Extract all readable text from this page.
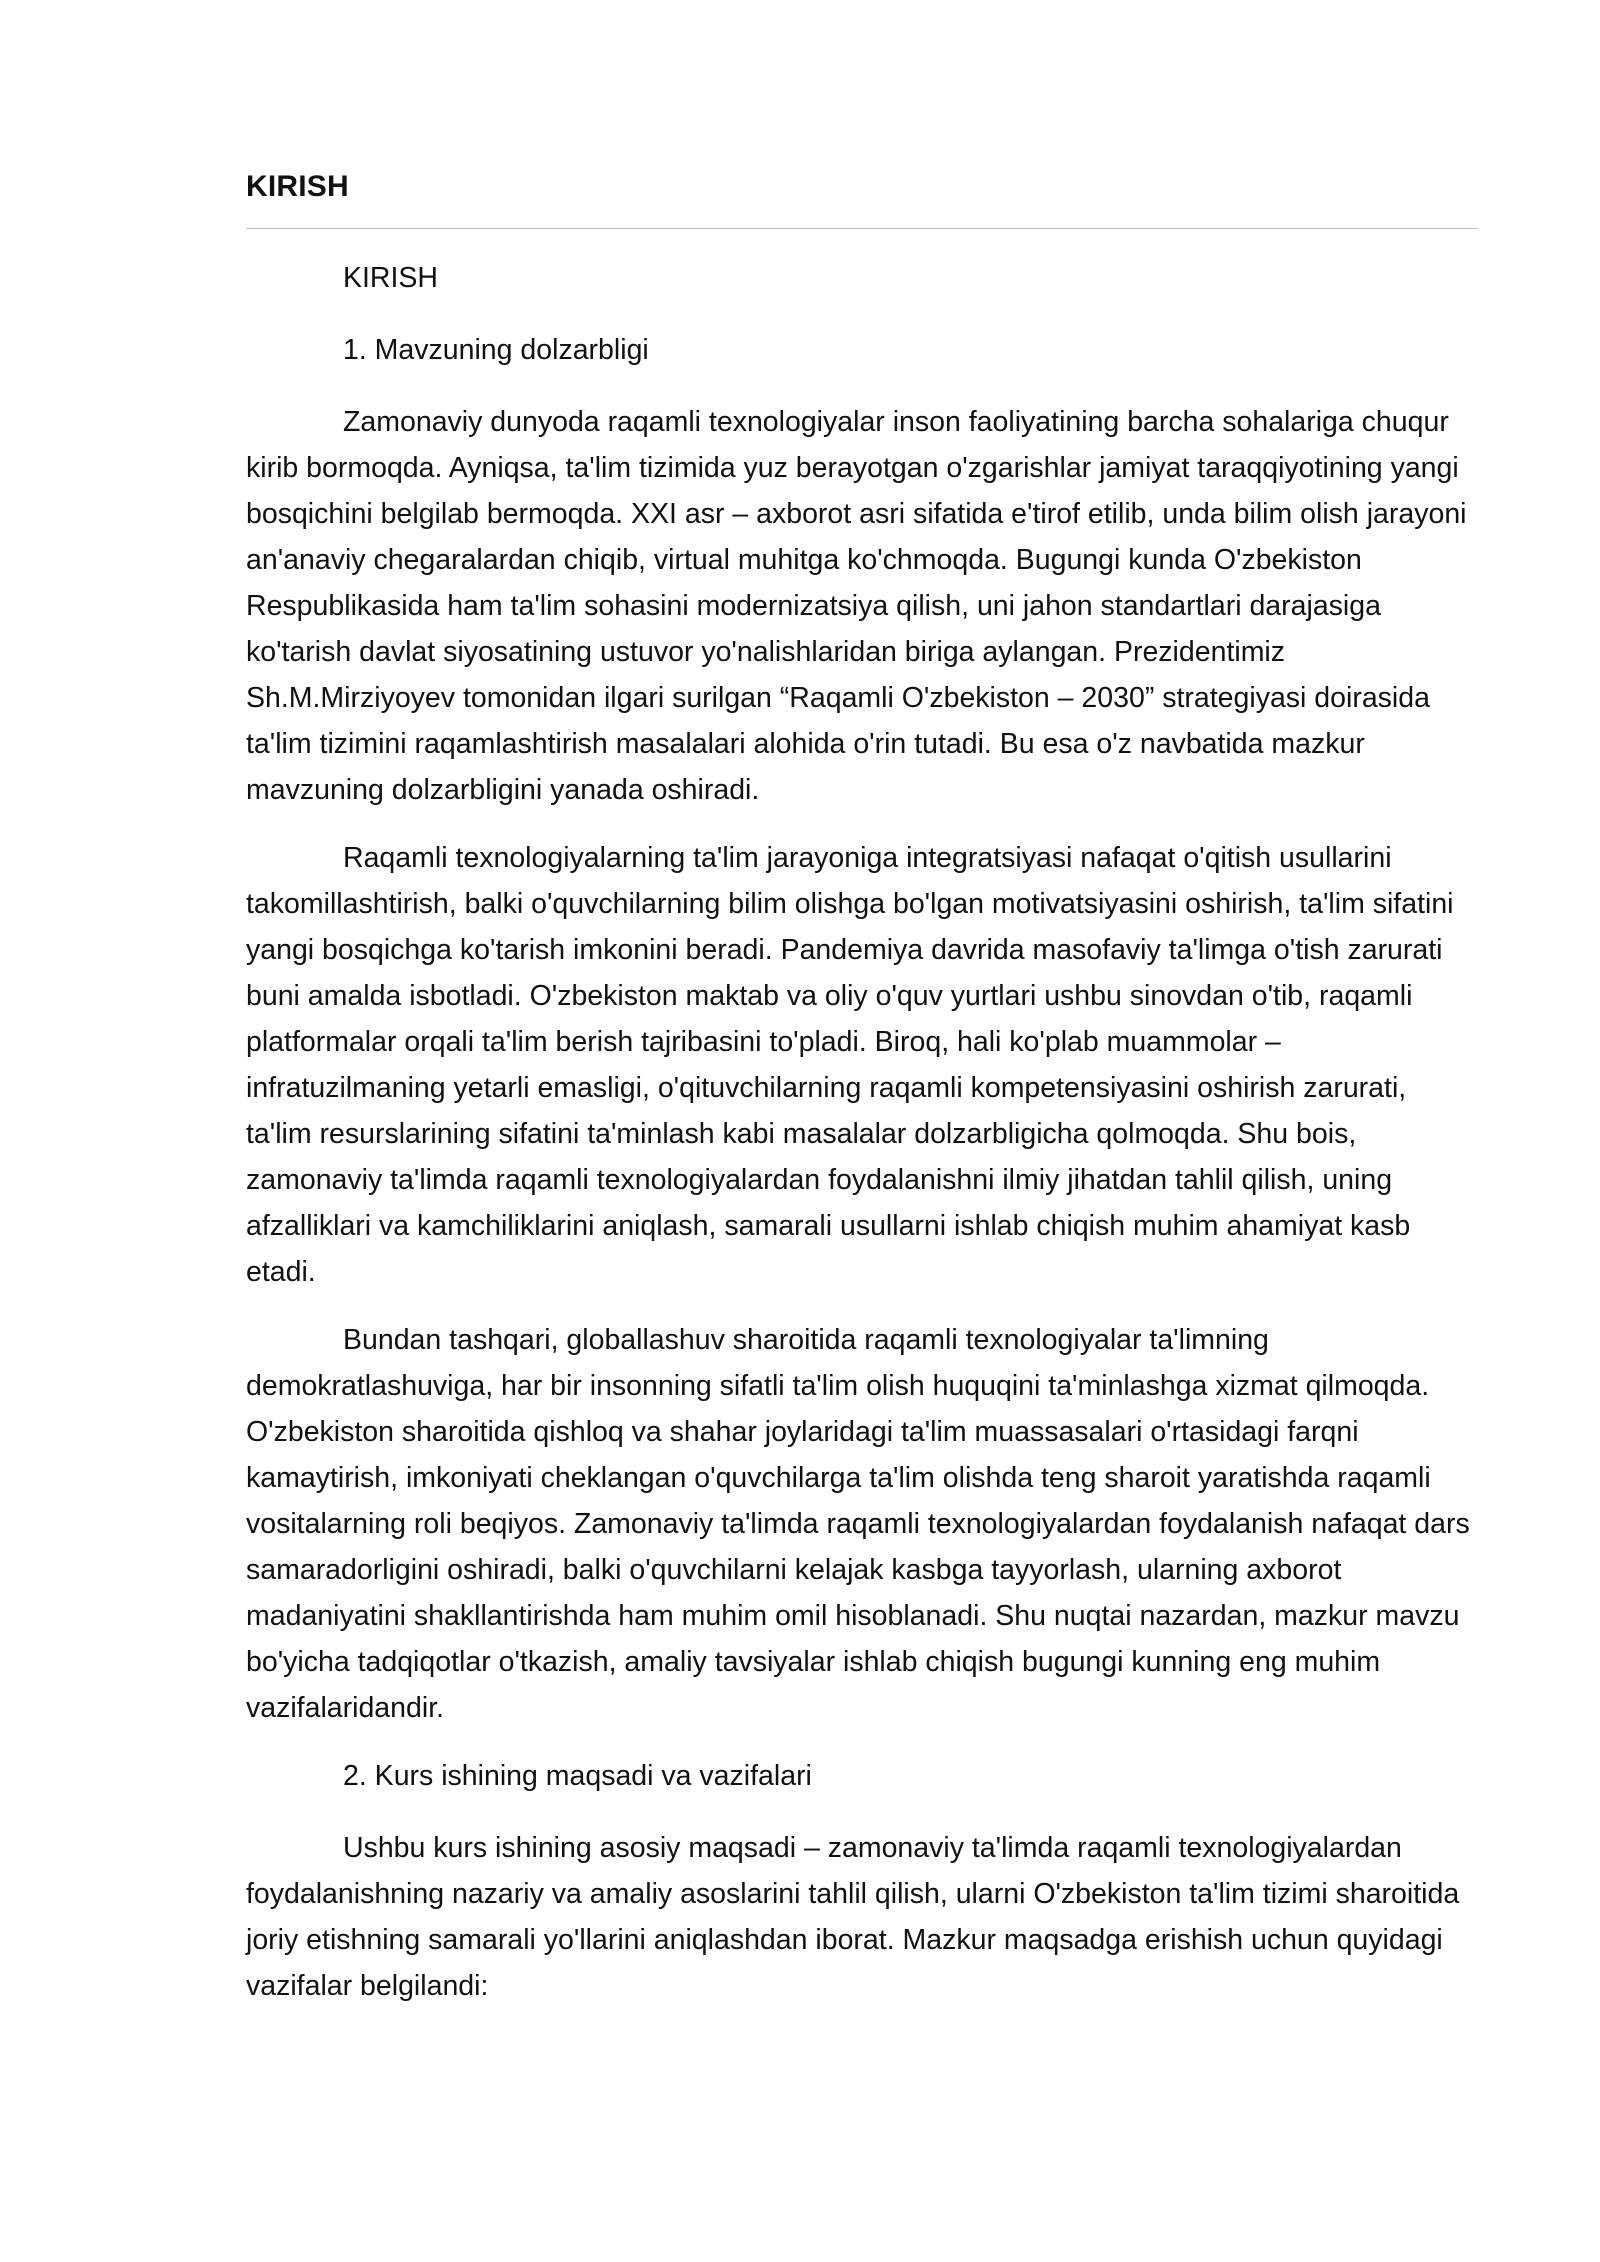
KIRISH

KIRISH

1. Mavzuning dolzarbligi

Zamonaviy dunyoda raqamli texnologiyalar inson faoliyatining barcha sohalariga chuqur kirib bormoqda. Ayniqsa, ta'lim tizimida yuz berayotgan o'zgarishlar jamiyat taraqqiyotining yangi bosqichini belgilab bermoqda. XXI asr – axborot asri sifatida e'tirof etilib, unda bilim olish jarayoni an'anaviy chegaralardan chiqib, virtual muhitga ko'chmoqda. Bugungi kunda O'zbekiston Respublikasida ham ta'lim sohasini modernizatsiya qilish, uni jahon standartlari darajasiga ko'tarish davlat siyosatining ustuvor yo'nalishlaridan biriga aylangan. Prezidentimiz Sh.M.Mirziyoyev tomonidan ilgari surilgan “Raqamli O'zbekiston – 2030” strategiyasi doirasida ta'lim tizimini raqamlashtirish masalalari alohida o'rin tutadi. Bu esa o'z navbatida mazkur mavzuning dolzarbligini yanada oshiradi.

Raqamli texnologiyalarning ta'lim jarayoniga integratsiyasi nafaqat o'qitish usullarini takomillashtirish, balki o'quvchilarning bilim olishga bo'lgan motivatsiyasini oshirish, ta'lim sifatini yangi bosqichga ko'tarish imkonini beradi. Pandemiya davrida masofaviy ta'limga o'tish zarurati buni amalda isbotladi. O'zbekiston maktab va oliy o'quv yurtlari ushbu sinovdan o'tib, raqamli platformalar orqali ta'lim berish tajribasini to'pladi. Biroq, hali ko'plab muammolar – infratuzilmaning yetarli emasligi, o'qituvchilarning raqamli kompetensiyasini oshirish zarurati, ta'lim resurslarining sifatini ta'minlash kabi masalalar dolzarbligicha qolmoqda. Shu bois, zamonaviy ta'limda raqamli texnologiyalardan foydalanishni ilmiy jihatdan tahlil qilish, uning afzalliklari va kamchiliklarini aniqlash, samarali usullarni ishlab chiqish muhim ahamiyat kasb etadi.

Bundan tashqari, globallashuv sharoitida raqamli texnologiyalar ta'limning demokratlashuviga, har bir insonning sifatli ta'lim olish huquqini ta'minlashga xizmat qilmoqda. O'zbekiston sharoitida qishloq va shahar joylaridagi ta'lim muassasalari o'rtasidagi farqni kamaytirish, imkoniyati cheklangan o'quvchilarga ta'lim olishda teng sharoit yaratishda raqamli vositalarning roli beqiyos. Zamonaviy ta'limda raqamli texnologiyalardan foydalanish nafaqat dars samaradorligini oshiradi, balki o'quvchilarni kelajak kasbga tayyorlash, ularning axborot madaniyatini shakllantirishda ham muhim omil hisoblanadi. Shu nuqtai nazardan, mazkur mavzu bo'yicha tadqiqotlar o'tkazish, amaliy tavsiyalar ishlab chiqish bugungi kunning eng muhim vazifalaridandir.

2. Kurs ishining maqsadi va vazifalari

Ushbu kurs ishining asosiy maqsadi – zamonaviy ta'limda raqamli texnologiyalardan foydalanishning nazariy va amaliy asoslarini tahlil qilish, ularni O'zbekiston ta'lim tizimi sharoitida joriy etishning samarali yo'llarini aniqlashdan iborat. Mazkur maqsadga erishish uchun quyidagi vazifalar belgilandi:
